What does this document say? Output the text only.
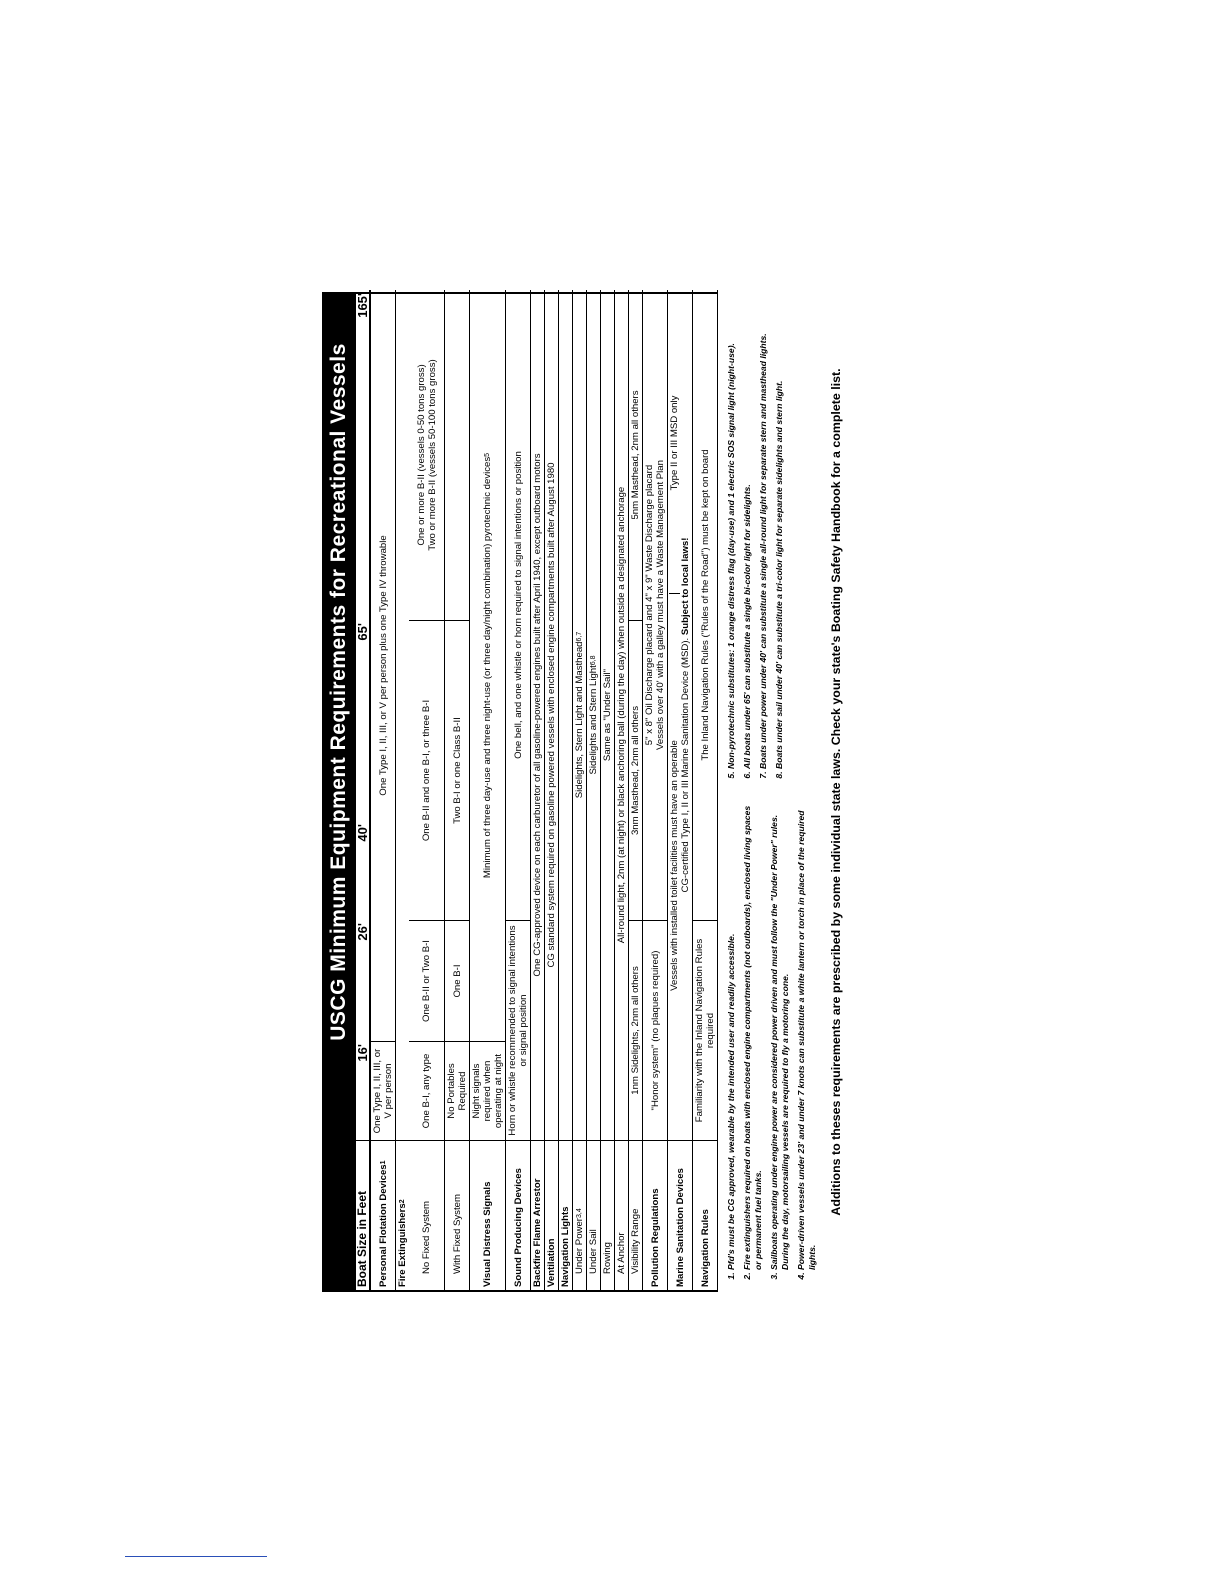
USCG Minimum Equipment Requirements for Recreational Vessels
Boat Size in Feet
16'
26'
40'
65'
165'
Personal Flotation Devices
1
One Type I, II, III, or V per person
One Type I, II, III, or V per person plus one Type IV throwable
Fire Extinguishers
2	No Fixed System
One B-I, any type
One B-II or Two B-I
One B-II and one B-I, or three B-I
One or more B-II (vessels 0-50 tons gross) Two or more B-II (vessels 50-100 tons gross)
With Fixed System
No Portables Required
One B-I
Two B-I or one Class B-II
Visual Distress Signals
Night signals required when operating at night
Minimum of three day-use and three night-use (or three day/night combination) pyrotechnic devices
5
Sound Producing Devices
Horn or whistle recommended to signal intentions or signal position
One bell, and one whistle or horn required to signal intentions or position
Backfire Flame Arrestor
One CG-approved device on each carburetor of all gasoline-powered engines built after April 1940, except outboard motors
Ventilation
CG standard system required on gasoline powered vessels with enclosed engine compartments built after August 1980
Navigation Lights Under Power
3,4
Sidelights, Stern Light and Masthead
6,7
Under Sail
Sidelights and Stern Light
6,8
Rowing
Same as "Under Sail"
At Anchor
All-round light, 2nm (at night) or black anchoring ball (during the day) when outside a designated anchorage
Visibility Range
1nm Sidelights, 2nm all others
3nm Masthead, 2nm all others
5nm Masthead, 2nm all others
Pollution Regulations
"Honor system" (no plaques required)
5" x 8" Oil Discharge placard and 4" x 9" Waste Discharge placard Vessels over 40' with a galley must have a Waste Management Plan
Marine Sanitation Devices
Vessels with installed toilet facilities must have an operable
Type II or III MSD only
CG-certified Type I, II or III Marine Sanitation Device (MSD). Subject to local laws!
Navigation Rules
Familiarity with the Inland Navigation Rules required
The Inland Navigation Rules ("Rules of the Road") must be kept on board
1. Pfd's must be CG approved, wearable by the intended user and readily accessible. 2. Fire extinguishers required on boats with enclosed engine compartments (not outboards), enclosed living spaces or permanent fuel tanks. 3. Sailboats operating under engine power are considered power driven and must follow the "Under Power" rules. During the day, motorsailing vessels are required to fly a motoring cone. 4. Power-driven vessels under 23' and under 7 knots can substitute a white lantern or torch in place of the required lights.
5. Non-pyrotechnic substitutes: 1 orange distress flag (day-use) and 1 electric SOS signal light (night-use). 6. All boats under 65' can substitute a single bi-color light for sidelights. 7. Boats under power under 40' can substitute a single all-round light for separate stern and masthead lights. 8. Boats under sail under 40' can substitute a tri-color light for separate sidelights and stern light.	Additions to theses requirements are prescribed by some individual state laws. Check your state's Boating Safety Handbook for a complete list.
